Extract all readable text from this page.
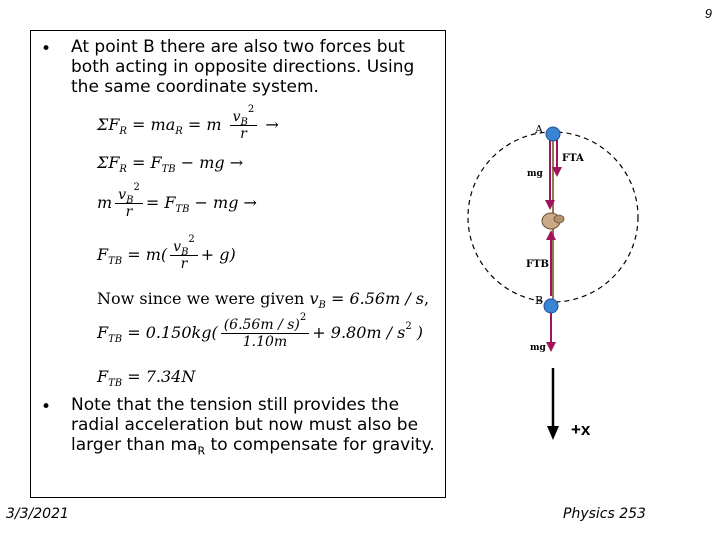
9
• At point B there are also two forces but both acting in opposite directions. Using the same coordinate system.
$\Sigma F_R = ma_R = m \frac{v_B^2}{r}$ →
$\Sigma F_R = F_{TB}$ − mg →
m $\frac{v_B^2}{r} = F_{TB}$ − mg →
$F_{TB} = m( \frac{v_B^2}{r} + g)$
Now since we were given $v_B = 6.56m / s$,
$F_{TB} = 0.150kg( \frac{(6.56m / s)^2}{1.10m} + 9.80m / s^2$ )
$F_{TB} = 7.34N$
• Note that the tension still provides the radial acceleration but now must also be larger than $ma_R$ to compensate for gravity.
A
B
FTA
mg
FTB
mg
+x
3/3/2021	Physics 253
